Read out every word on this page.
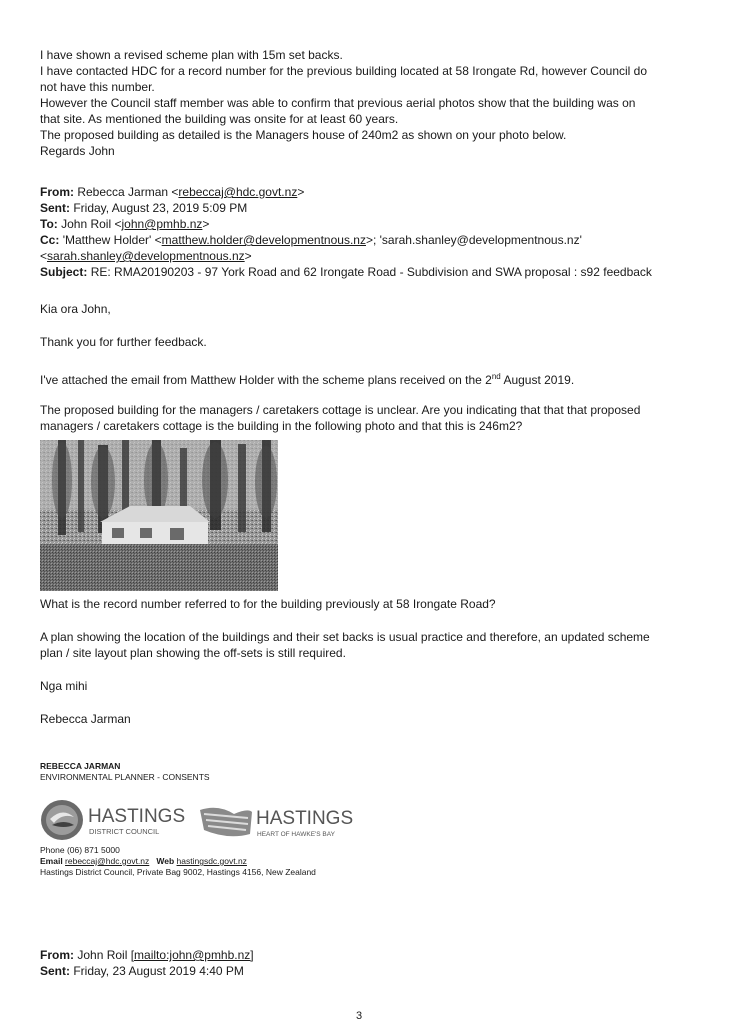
I have shown a revised scheme plan with 15m set backs.
I have contacted HDC for a record number for the previous building located at 58 Irongate Rd, however Council do
not have this number.
However the Council staff member was able to confirm that previous aerial photos show that the building was on
that site. As mentioned the building was onsite for at least 60 years.
The proposed building as detailed is the Managers house of 240m2 as shown on your photo below.
Regards John
From: Rebecca Jarman <rebeccaj@hdc.govt.nz>
Sent: Friday, August 23, 2019 5:09 PM
To: John Roil <john@pmhb.nz>
Cc: 'Matthew Holder' <matthew.holder@developmentnous.nz>; 'sarah.shanley@developmentnous.nz'
<sarah.shanley@developmentnous.nz>
Subject: RE: RMA20190203 - 97 York Road and 62 Irongate Road - Subdivision and SWA proposal : s92 feedback
Kia ora John,
Thank you for further feedback.
I've attached the email from Matthew Holder with the scheme plans received on the 2nd August 2019.
The proposed building for the managers / caretakers cottage is unclear. Are you indicating that that that proposed
managers / caretakers cottage is the building in the following photo and that this is 246m2?
What is the record number referred to for the building previously at 58 Irongate Road?
A plan showing the location of the buildings and their set backs is usual practice and therefore, an updated scheme
plan / site layout plan showing the off-sets is still required.
Nga mihi
Rebecca Jarman
REBECCA JARMAN
ENVIRONMENTAL PLANNER - CONSENTS
HASTINGS
DISTRICT COUNCIL
HASTINGS
HEART OF HAWKE'S BAY
Phone (06) 871 5000
Email rebeccaj@hdc.govt.nz   Web hastingsdc.govt.nz
Hastings District Council, Private Bag 9002, Hastings 4156, New Zealand
From: John Roil [mailto:john@pmhb.nz]
Sent: Friday, 23 August 2019 4:40 PM
3
